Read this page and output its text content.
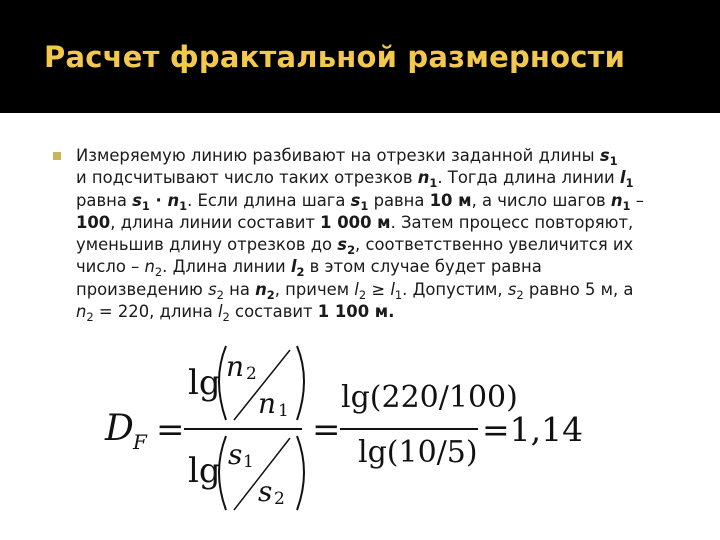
Расчет фрактальной размерности
Измеряемую линию разбивают на отрезки заданной длины $s_1$
и подсчитывают число таких отрезков $n_1$. Тогда длина линии $l_1$
равна $s_1 \cdot n_1$. Если длина шага $s_1$ равна 10 м, а число шагов $n_1$ –
100, длина линии составит 1 000 м. Затем процесс повторяют,
уменьшив длину отрезков до $s_2$, соответственно увеличится их
число – $n_2$. Длина линии $l_2$ в этом случае будет равна
произведению $s_2$ на $n_2$, причем $l_2 \ge l_1$. Допустим, $s_2$ равно 5 м, а
$n_2 = 220$, длина $l_2$ составит 1 100 м.
D F =
lg n 2
n 1
lg s 1
s 2
=
lg(220/100)
lg(10/5)
=1,14
